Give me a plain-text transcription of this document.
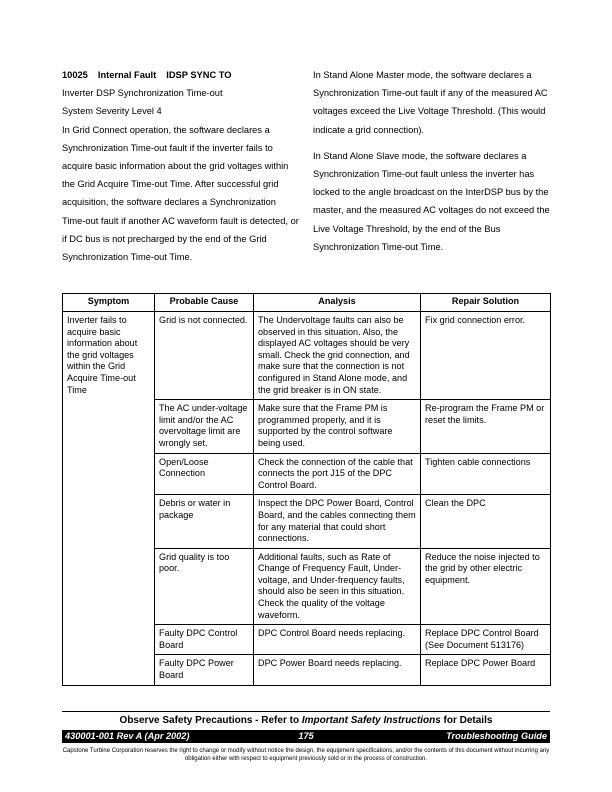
10025 Internal Fault IDSP SYNC TO

Inverter DSP Synchronization Time-out

System Severity Level 4

In Grid Connect operation, the software declares a Synchronization Time-out fault if the inverter fails to acquire basic information about the grid voltages within the Grid Acquire Time-out Time. After successful grid acquisition, the software declares a Synchronization Time-out fault if another AC waveform fault is detected, or if DC bus is not precharged by the end of the Grid Synchronization Time-out Time.

In Stand Alone Master mode, the software declares a Synchronization Time-out fault if any of the measured AC voltages exceed the Live Voltage Threshold. (This would indicate a grid connection).

In Stand Alone Slave mode, the software declares a Synchronization Time-out fault unless the inverter has locked to the angle broadcast on the InterDSP bus by the master, and the measured AC voltages do not exceed the Live Voltage Threshold, by the end of the Bus Synchronization Time-out Time.

Symptom	Probable Cause	Analysis	Repair Solution
Inverter fails to acquire basic information about the grid voltages within the Grid Acquire Time-out Time	Grid is not connected.	The Undervoltage faults can also be observed in this situation. Also, the displayed AC voltages should be very small. Check the grid connection, and make sure that the connection is not configured in Stand Alone mode, and the grid breaker is in ON state.	Fix grid connection error.
	The AC under-voltage limit and/or the AC overvoltage limit are wrongly set.	Make sure that the Frame PM is programmed properly, and it is supported by the control software being used.	Re-program the Frame PM or reset the limits.
	Open/Loose Connection	Check the connection of the cable that connects the port J15 of the DPC Control Board.	Tighten cable connections
	Debris or water in package	Inspect the DPC Power Board, Control Board, and the cables connecting them for any material that could short connections.	Clean the DPC
	Grid quality is too poor.	Additional faults, such as Rate of Change of Frequency Fault, Under-voltage, and Under-frequency faults, should also be seen in this situation. Check the quality of the voltage waveform.	Reduce the noise injected to the grid by other electric equipment.
	Faulty DPC Control Board	DPC Control Board needs replacing.	Replace DPC Control Board (See Document 513176)
	Faulty DPC Power Board	DPC Power Board needs replacing.	Replace DPC Power Board
Observe Safety Precautions - Refer to Important Safety Instructions for Details
175
430001-001 Rev A (Apr 2002)	Troubleshooting Guide
Capstone Turbine Corporation reserves the right to change or modify without notice the design, the equipment specifications, and/or the contents of this document without incurring any obligation either with respect to equipment previously sold or in the process of construction.
